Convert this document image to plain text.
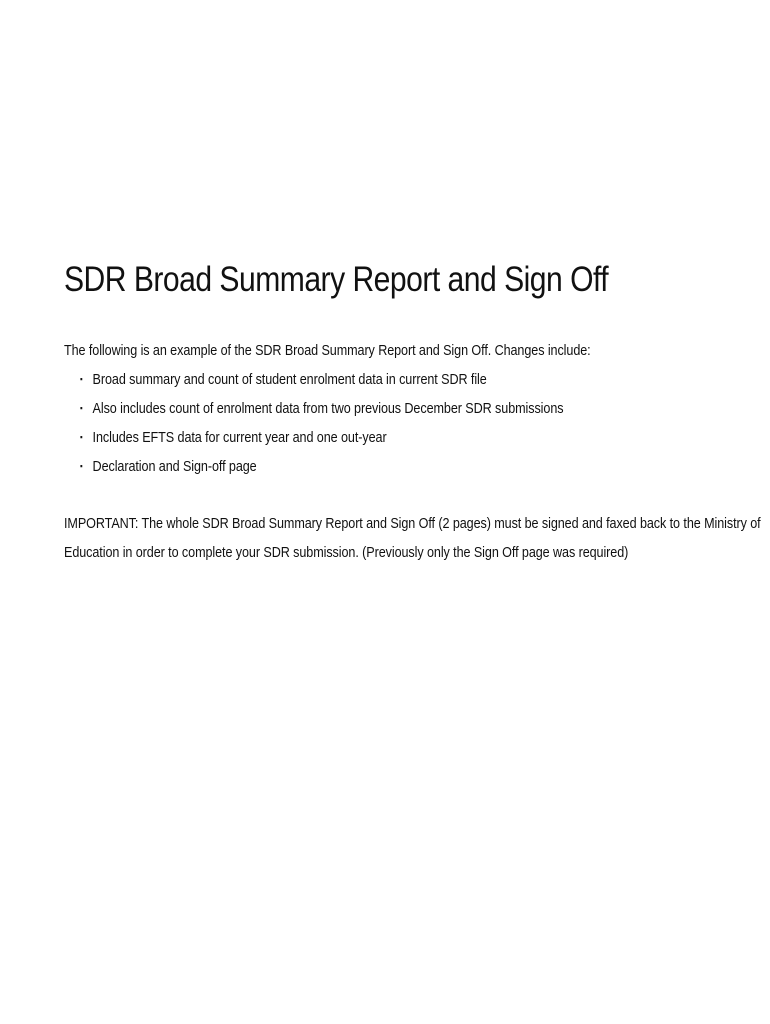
SDR Broad Summary Report and Sign Off
The following is an example of the SDR Broad Summary Report and Sign Off. Changes include:
▪ Broad summary and count of student enrolment data in current SDR file
▪ Also includes count of enrolment data from two previous December SDR submissions
▪ Includes EFTS data for current year and one out-year
▪ Declaration and Sign-off page
IMPORTANT: The whole SDR Broad Summary Report and Sign Off (2 pages) must be signed and faxed back to the Ministry of
Education in order to complete your SDR submission. (Previously only the Sign Off page was required)
